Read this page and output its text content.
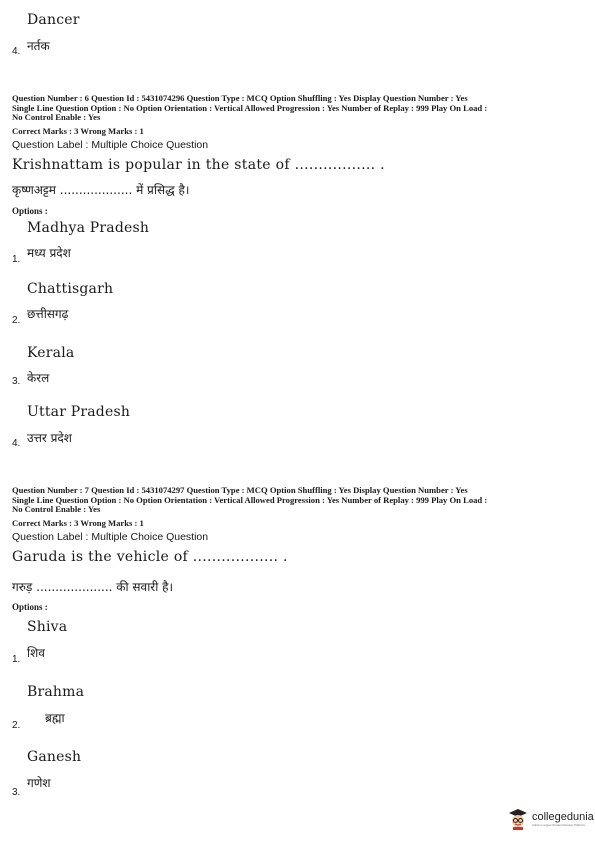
Dancer
4. नर्तक
Question Number : 6 Question Id : 5431074296 Question Type : MCQ Option Shuffling : Yes Display Question Number : Yes
Single Line Question Option : No Option Orientation : Vertical Allowed Progression : Yes Number of Replay : 999 Play On Load :
No Control Enable : Yes
Correct Marks : 3 Wrong Marks : 1
Question Label : Multiple Choice Question
Krishnattam is popular in the state of ................. .
कृष्णअट्टम ................... में प्रसिद्ध है।
Options :
Madhya Pradesh
1. मध्य प्रदेश
Chattisgarh
2. छत्तीसगढ़
Kerala
3. केरल
Uttar Pradesh
4. उत्तर प्रदेश
Question Number : 7 Question Id : 5431074297 Question Type : MCQ Option Shuffling : Yes Display Question Number : Yes
Single Line Question Option : No Option Orientation : Vertical Allowed Progression : Yes Number of Replay : 999 Play On Load :
No Control Enable : Yes
Correct Marks : 3 Wrong Marks : 1
Question Label : Multiple Choice Question
Garuda is the vehicle of .................. .
गरुड़ .................... की सवारी है।
Options :
Shiva
1. शिव
Brahma
2.
ब्रह्मा
Ganesh
3.
गणेश
collegedunia
India's Largest Student Review Platform
